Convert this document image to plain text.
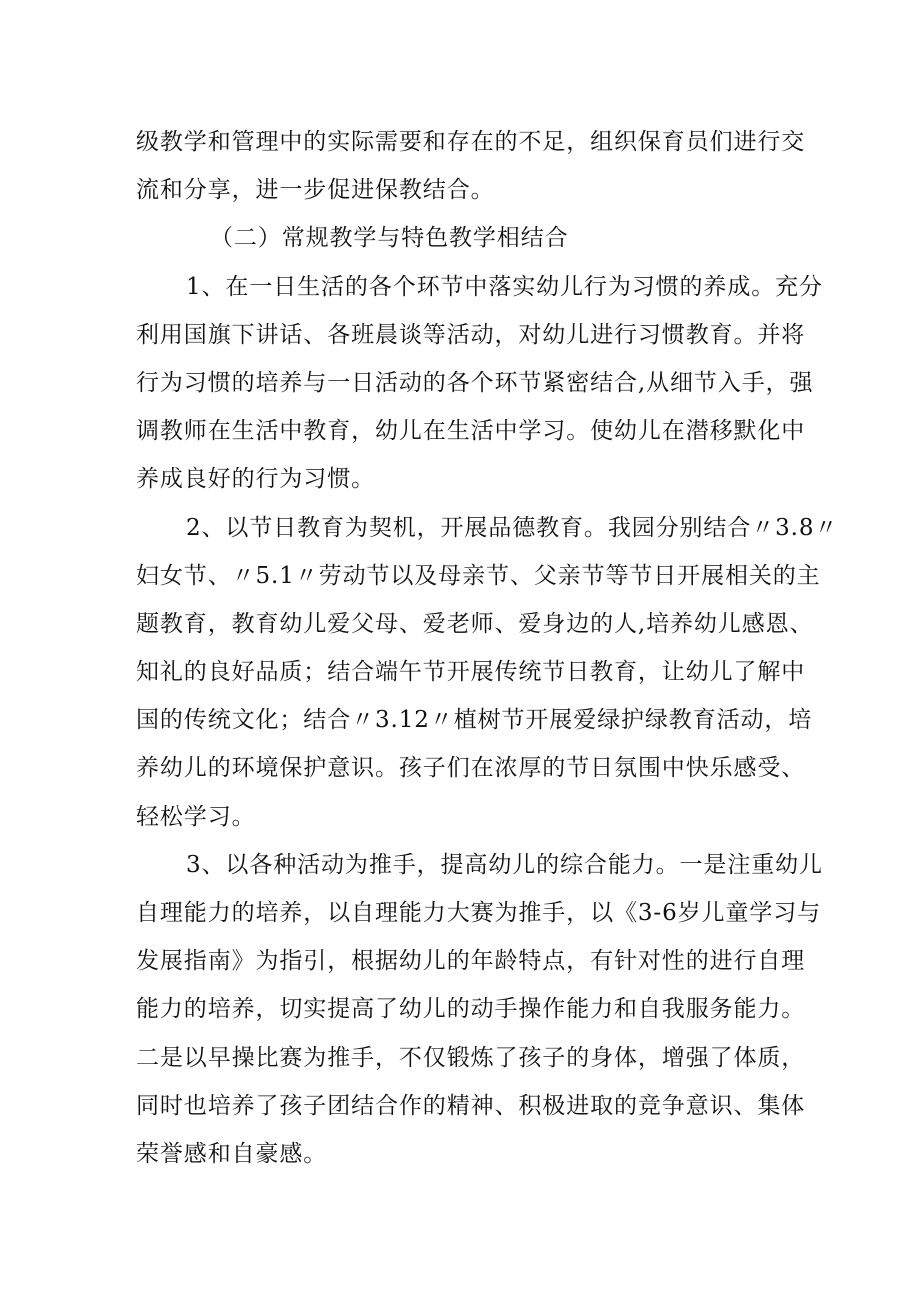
级教学和管理中的实际需要和存在的不足，组织保育员们进行交
流和分享，进一步促进保教结合。
（二）常规教学与特色教学相结合
1、在一日生活的各个环节中落实幼儿行为习惯的养成。充分
利用国旗下讲话、各班晨谈等活动，对幼儿进行习惯教育。并将
行为习惯的培养与一日活动的各个环节紧密结合,从细节入手，强
调教师在生活中教育，幼儿在生活中学习。使幼儿在潜移默化中
养成良好的行为习惯。
2、以节日教育为契机，开展品德教育。我园分别结合〃3.8〃
妇女节、〃5.1〃劳动节以及母亲节、父亲节等节日开展相关的主
题教育，教育幼儿爱父母、爱老师、爱身边的人,培养幼儿感恩、
知礼的良好品质；结合端午节开展传统节日教育，让幼儿了解中
国的传统文化；结合〃3.12〃植树节开展爱绿护绿教育活动，培
养幼儿的环境保护意识。孩子们在浓厚的节日氛围中快乐感受、
轻松学习。
3、以各种活动为推手，提高幼儿的综合能力。一是注重幼儿
自理能力的培养，以自理能力大赛为推手，以《3-6岁儿童学习与
发展指南》为指引，根据幼儿的年龄特点，有针对性的进行自理
能力的培养，切实提高了幼儿的动手操作能力和自我服务能力。
二是以早操比赛为推手，不仅锻炼了孩子的身体，增强了体质，
同时也培养了孩子团结合作的精神、积极进取的竞争意识、集体
荣誉感和自豪感。
